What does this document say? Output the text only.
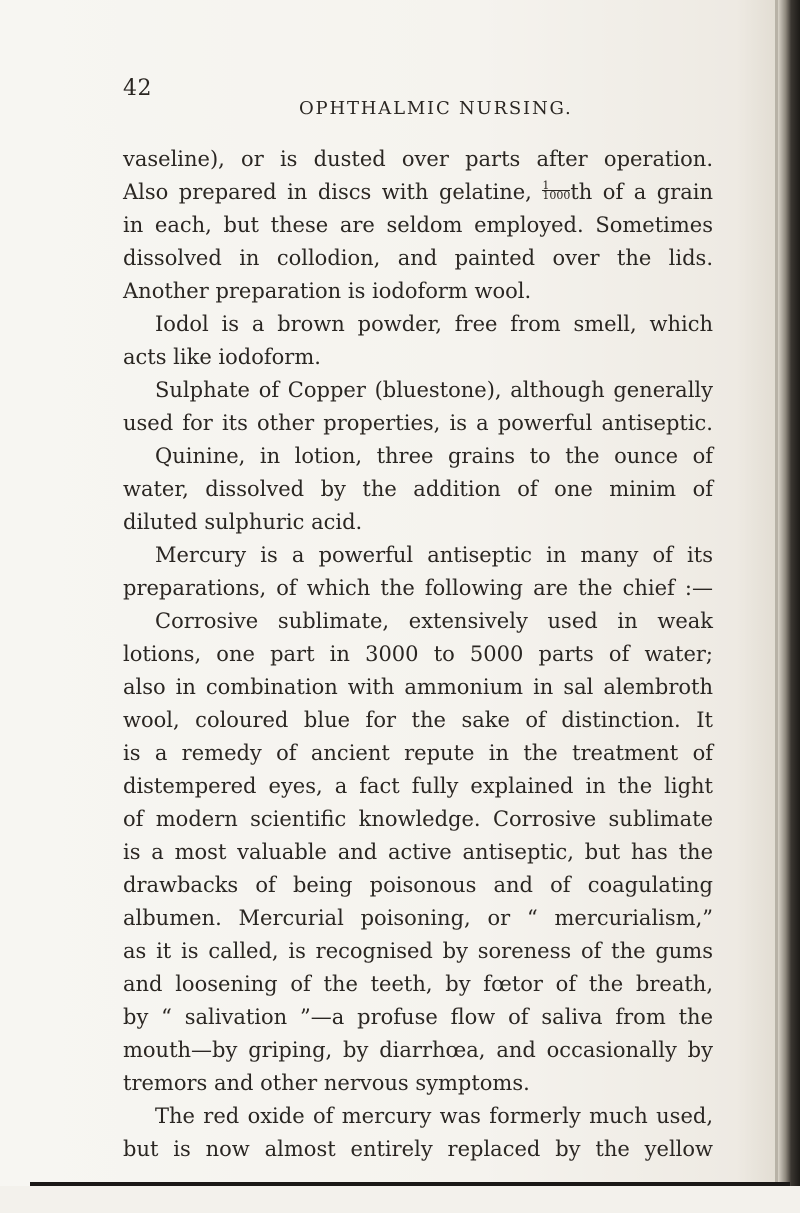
42
OPHTHALMIC NURSING.
vaseline), or is dusted over parts after operation.
Also prepared in discs with gelatine, $\frac{1}{1000}$ th of a grain
in each, but these are seldom employed. Sometimes
dissolved in collodion, and painted over the lids.
Another preparation is iodoform wool.
Iodol is a brown powder, free from smell, which
acts like iodoform.
Sulphate of Copper (bluestone), although generally
used for its other properties, is a powerful antiseptic.
Quinine, in lotion, three grains to the ounce of
water, dissolved by the addition of one minim of
diluted sulphuric acid.
Mercury is a powerful antiseptic in many of its
preparations, of which the following are the chief :—
Corrosive sublimate, extensively used in weak
lotions, one part in 3000 to 5000 parts of water;
also in combination with ammonium in sal alembroth
wool, coloured blue for the sake of distinction. It
is a remedy of ancient repute in the treatment of
distempered eyes, a fact fully explained in the light
of modern scientific knowledge. Corrosive sublimate
is a most valuable and active antiseptic, but has the
drawbacks of being poisonous and of coagulating
albumen. Mercurial poisoning, or “ mercurialism,”
as it is called, is recognised by soreness of the gums
and loosening of the teeth, by fœtor of the breath,
by “ salivation ”—a profuse flow of saliva from the
mouth—by griping, by diarrhœa, and occasionally by
tremors and other nervous symptoms.
The red oxide of mercury was formerly much used,
but is now almost entirely replaced by the yellow
